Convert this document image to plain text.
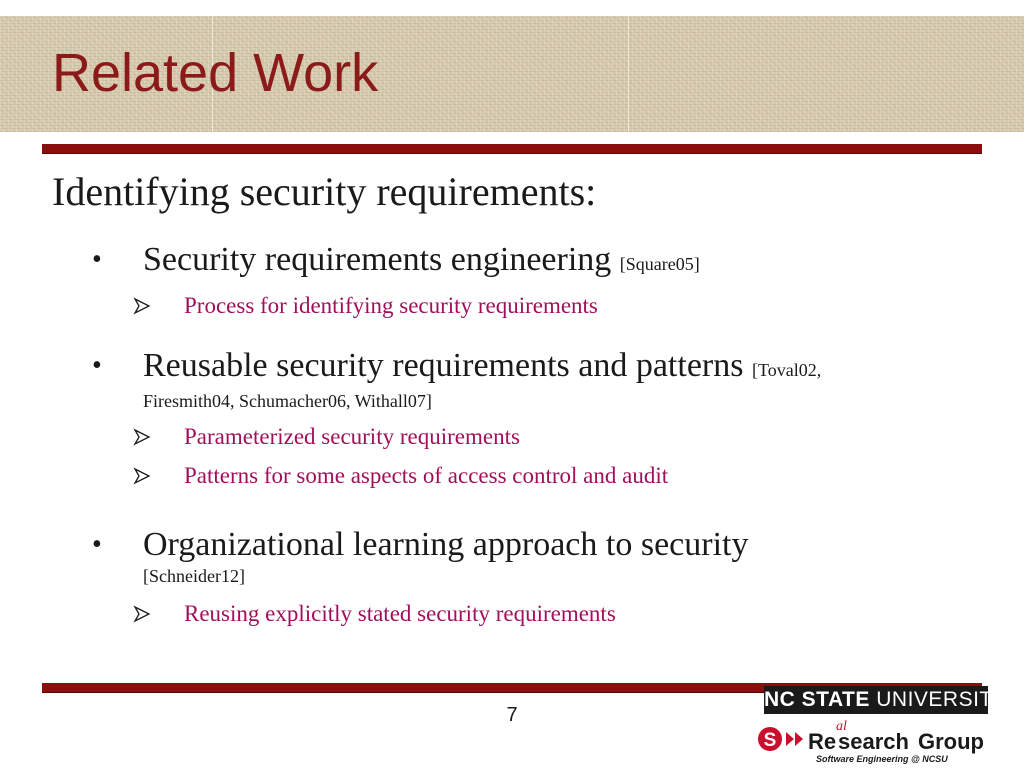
Related Work
Identifying security requirements:
• Security requirements engineering [Square05]
Process for identifying security requirements
• Reusable security requirements and patterns [Toval02,
Firesmith04, Schumacher06, Withall07]
Parameterized security requirements
Patterns for some aspects of access control and audit
• Organizational learning approach to security
[Schneider12]
Reusing explicitly stated security requirements
7
NC STATE UNIVERSITY
S Re
al
search Group
Software Engineering @ NCSU
